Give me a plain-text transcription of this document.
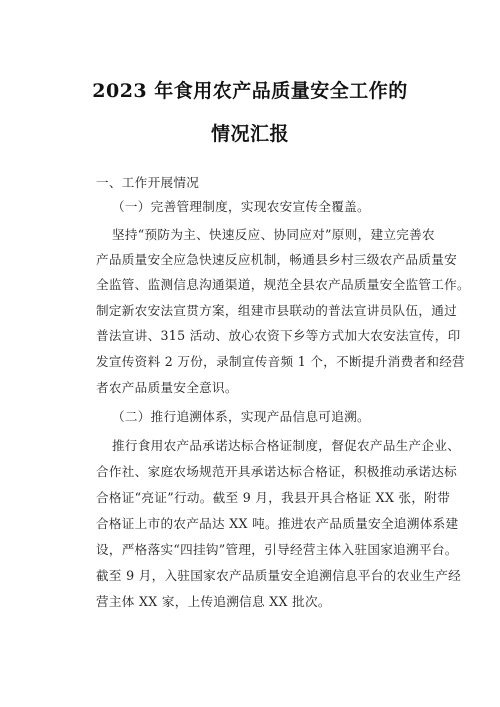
2023 年食用农产品质量安全工作的
情况汇报
一、工作开展情况
（一）完善管理制度，实现农安宣传全覆盖。
坚持“预防为主、快速反应、协同应对”原则，建立完善农
产品质量安全应急快速反应机制，畅通县乡村三级农产品质量安
全监管、监测信息沟通渠道，规范全县农产品质量安全监管工作。
制定新农安法宣贯方案，组建市县联动的普法宣讲员队伍，通过
普法宣讲、315 活动、放心农资下乡等方式加大农安法宣传，印
发宣传资料 2 万份，录制宣传音频 1 个，不断提升消费者和经营
者农产品质量安全意识。
（二）推行追溯体系，实现产品信息可追溯。
推行食用农产品承诺达标合格证制度，督促农产品生产企业、
合作社、家庭农场规范开具承诺达标合格证，积极推动承诺达标
合格证“亮证”行动。截至 9 月，我县开具合格证 XX 张，附带
合格证上市的农产品达 XX 吨。推进农产品质量安全追溯体系建
设，严格落实“四挂钩”管理，引导经营主体入驻国家追溯平台。
截至 9 月，入驻国家农产品质量安全追溯信息平台的农业生产经
营主体 XX 家，上传追溯信息 XX 批次。
